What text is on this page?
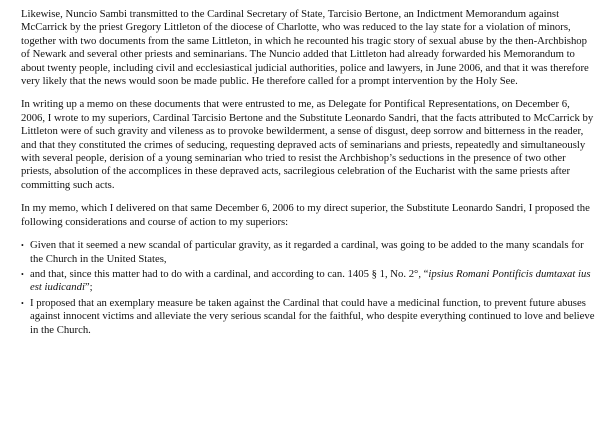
Likewise, Nuncio Sambi transmitted to the Cardinal Secretary of State, Tarcisio Bertone, an Indictment Memorandum against McCarrick by the priest Gregory Littleton of the diocese of Charlotte, who was reduced to the lay state for a violation of minors, together with two documents from the same Littleton, in which he recounted his tragic story of sexual abuse by the then-Archbishop of Newark and several other priests and seminarians. The Nuncio added that Littleton had already forwarded his Memorandum to about twenty people, including civil and ecclesiastical judicial authorities, police and lawyers, in June 2006, and that it was therefore very likely that the news would soon be made public. He therefore called for a prompt intervention by the Holy See.

In writing up a memo on these documents that were entrusted to me, as Delegate for Pontifical Representations, on December 6, 2006, I wrote to my superiors, Cardinal Tarcisio Bertone and the Substitute Leonardo Sandri, that the facts attributed to McCarrick by Littleton were of such gravity and vileness as to provoke bewilderment, a sense of disgust, deep sorrow and bitterness in the reader, and that they constituted the crimes of seducing, requesting depraved acts of seminarians and priests, repeatedly and simultaneously with several people, derision of a young seminarian who tried to resist the Archbishop’s seductions in the presence of two other priests, absolution of the accomplices in these depraved acts, sacrilegious celebration of the Eucharist with the same priests after committing such acts.

In my memo, which I delivered on that same December 6, 2006 to my direct superior, the Substitute Leonardo Sandri, I proposed the following considerations and course of action to my superiors:

• Given that it seemed a new scandal of particular gravity, as it regarded a cardinal, was going to be added to the many scandals for the Church in the United States,
• and that, since this matter had to do with a cardinal, and according to can. 1405 § 1, No. 2°, “ipsius Romani Pontificis dumtaxat ius est iudicandi”;
• I proposed that an exemplary measure be taken against the Cardinal that could have a medicinal function, to prevent future abuses against innocent victims and alleviate the very serious scandal for the faithful, who despite everything continued to love and believe in the Church.
